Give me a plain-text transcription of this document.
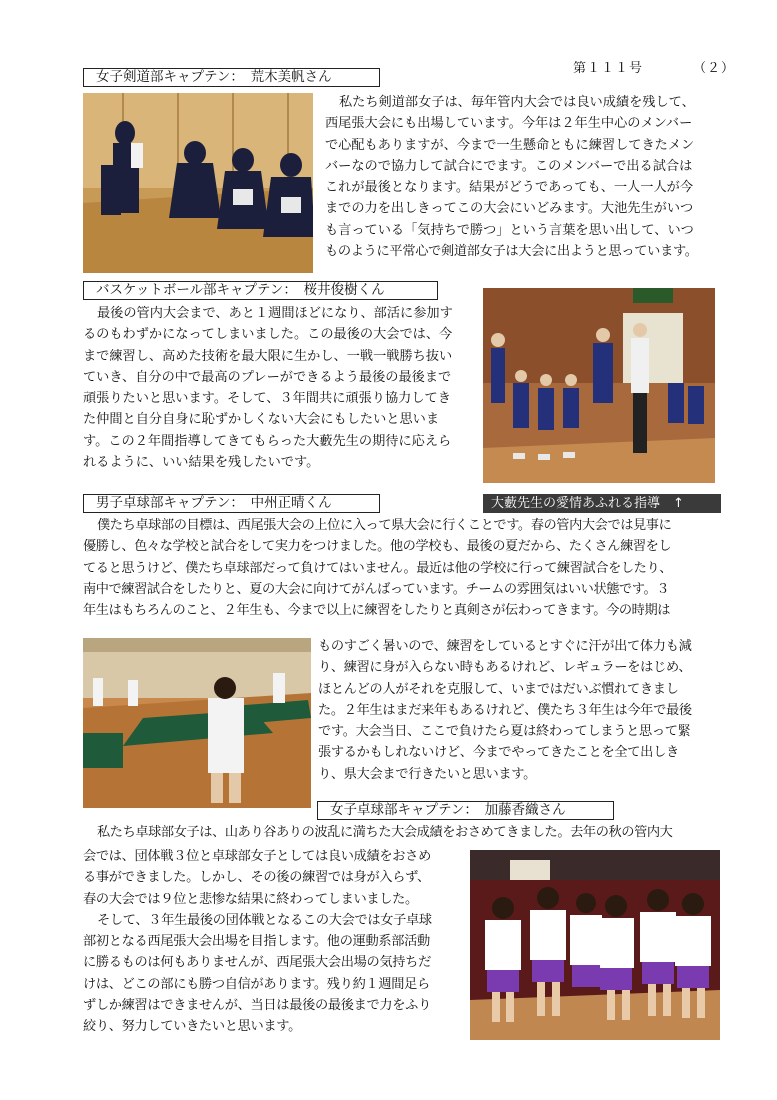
第１１１号	（２）
女子剣道部キャプテン：　荒木美帆さん

私たち剣道部女子は、毎年管内大会では良い成績を残して、

西尾張大会にも出場しています。今年は２年生中心のメンバー

で心配もありますが、今まで一生懸命ともに練習してきたメン

バーなので協力して試合にでます。このメンバーで出る試合は

これが最後となります。結果がどうであっても、一人一人が今

までの力を出しきってこの大会にいどみます。大池先生がいつ

も言っている「気持ちで勝つ」という言葉を思い出して、いつ

ものように平常心で剣道部女子は大会に出ようと思っています。

バスケットボール部キャプテン：　桜井俊樹くん

最後の管内大会まで、あと１週間ほどになり、部活に参加す

るのもわずかになってしまいました。この最後の大会では、今

まで練習し、高めた技術を最大限に生かし、一戦一戦勝ち抜い

ていき、自分の中で最高のプレーができるよう最後の最後まで

頑張りたいと思います。そして、３年間共に頑張り協力してき

た仲間と自分自身に恥ずかしくない大会にもしたいと思いま

す。この２年間指導してきてもらった大藪先生の期待に応えら

れるように、いい結果を残したいです。

大藪先生の愛情あふれる指導　↑
男子卓球部キャプテン：　中州正晴くん

僕たち卓球部の目標は、西尾張大会の上位に入って県大会に行くことです。春の管内大会では見事に

優勝し、色々な学校と試合をして実力をつけました。他の学校も、最後の夏だから、たくさん練習をし

てると思うけど、僕たち卓球部だって負けてはいません。最近は他の学校に行って練習試合をしたり、

南中で練習試合をしたりと、夏の大会に向けてがんばっています。チームの雰囲気はいい状態です。３

年生はもちろんのこと、２年生も、今まで以上に練習をしたりと真剣さが伝わってきます。今の時期は

ものすごく暑いので、練習をしているとすぐに汗が出て体力も減

り、練習に身が入らない時もあるけれど、レギュラーをはじめ、

ほとんどの人がそれを克服して、いまではだいぶ慣れてきまし

た。２年生はまだ来年もあるけれど、僕たち３年生は今年で最後

です。大会当日、ここで負けたら夏は終わってしまうと思って緊

張するかもしれないけど、今までやってきたことを全て出しき

り、県大会まで行きたいと思います。

女子卓球部キャプテン：　加藤香織さん

私たち卓球部女子は、山あり谷ありの波乱に満ちた大会成績をおさめてきました。去年の秋の管内大

会では、団体戦３位と卓球部女子としては良い成績をおさめ

る事ができました。しかし、その後の練習では身が入らず、

春の大会では９位と悲惨な結果に終わってしまいました。

そして、３年生最後の団体戦となるこの大会では女子卓球

部初となる西尾張大会出場を目指します。他の運動系部活動

に勝るものは何もありませんが、西尾張大会出場の気持ちだ

けは、どこの部にも勝つ自信があります。残り約１週間足ら

ずしか練習はできませんが、当日は最後の最後まで力をふり

絞り、努力していきたいと思います。
